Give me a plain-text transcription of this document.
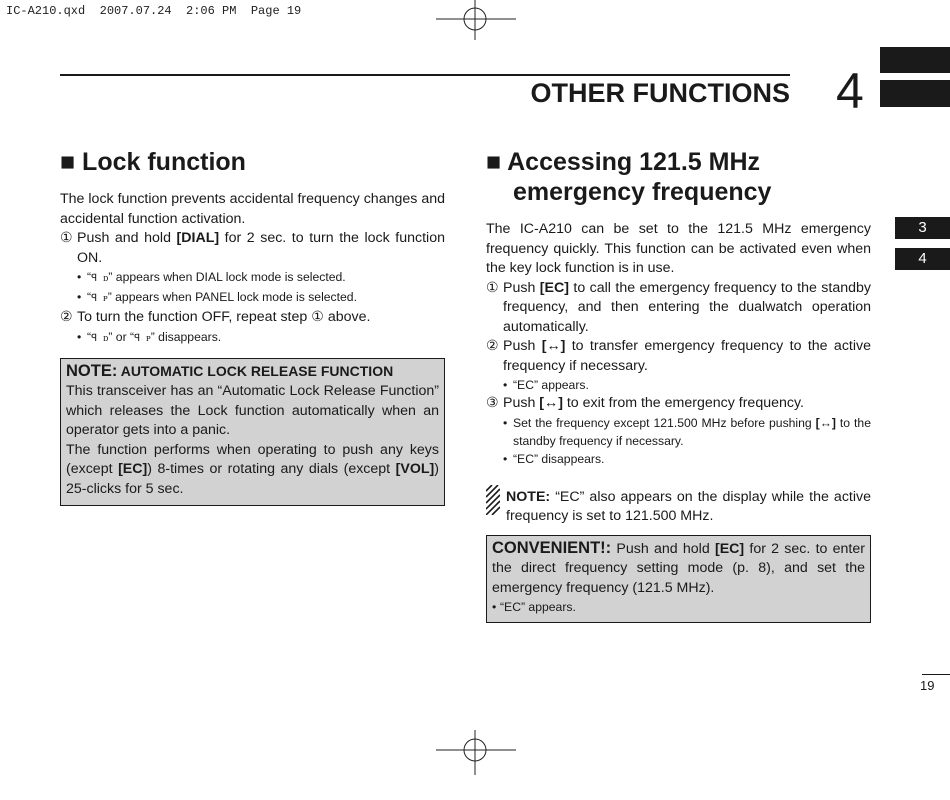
IC-A210.qxd  2007.07.24  2:06 PM  Page 19
OTHER FUNCTIONS 4
3
4
19
■ Lock function

The lock function prevents accidental frequency changes and accidental function activation.

① Push and hold [DIAL] for 2 sec. to turn the lock function ON.
• “ꟼ ᴅ” appears when DIAL lock mode is selected.
• “ꟼ ᴘ” appears when PANEL lock mode is selected.
② To turn the function OFF, repeat step ① above.
• “ꟼ ᴅ” or “ꟼ ᴘ” disappears.
NOTE: AUTOMATIC LOCK RELEASE FUNCTION

This transceiver has an “Automatic Lock Release Function” which releases the Lock function automatically when an operator gets into a panic.

The function performs when operating to push any keys (except [EC]) 8-times or rotating any dials (except [VOL]) 25-clicks for 5 sec.

■ Accessing 121.5 MHz
emergency frequency

The IC-A210 can be set to the 121.5 MHz emergency frequency quickly. This function can be activated even when the key lock function is in use.

① Push [EC] to call the emergency frequency to the standby frequency, and then entering the dualwatch operation automatically.
② Push [↔] to transfer emergency frequency to the active frequency if necessary.
• “EC” appears.
③ Push [↔] to exit from the emergency frequency.
• Set the frequency except 121.500 MHz before pushing [↔] to the standby frequency if necessary.
• “EC” disappears.
NOTE: “EC” also appears on the display while the active frequency is set to 121.500 MHz.

CONVENIENT!: Push and hold [EC] for 2 sec. to enter the direct frequency setting mode (p. 8), and set the emergency frequency (121.5 MHz).

• “EC” appears.
